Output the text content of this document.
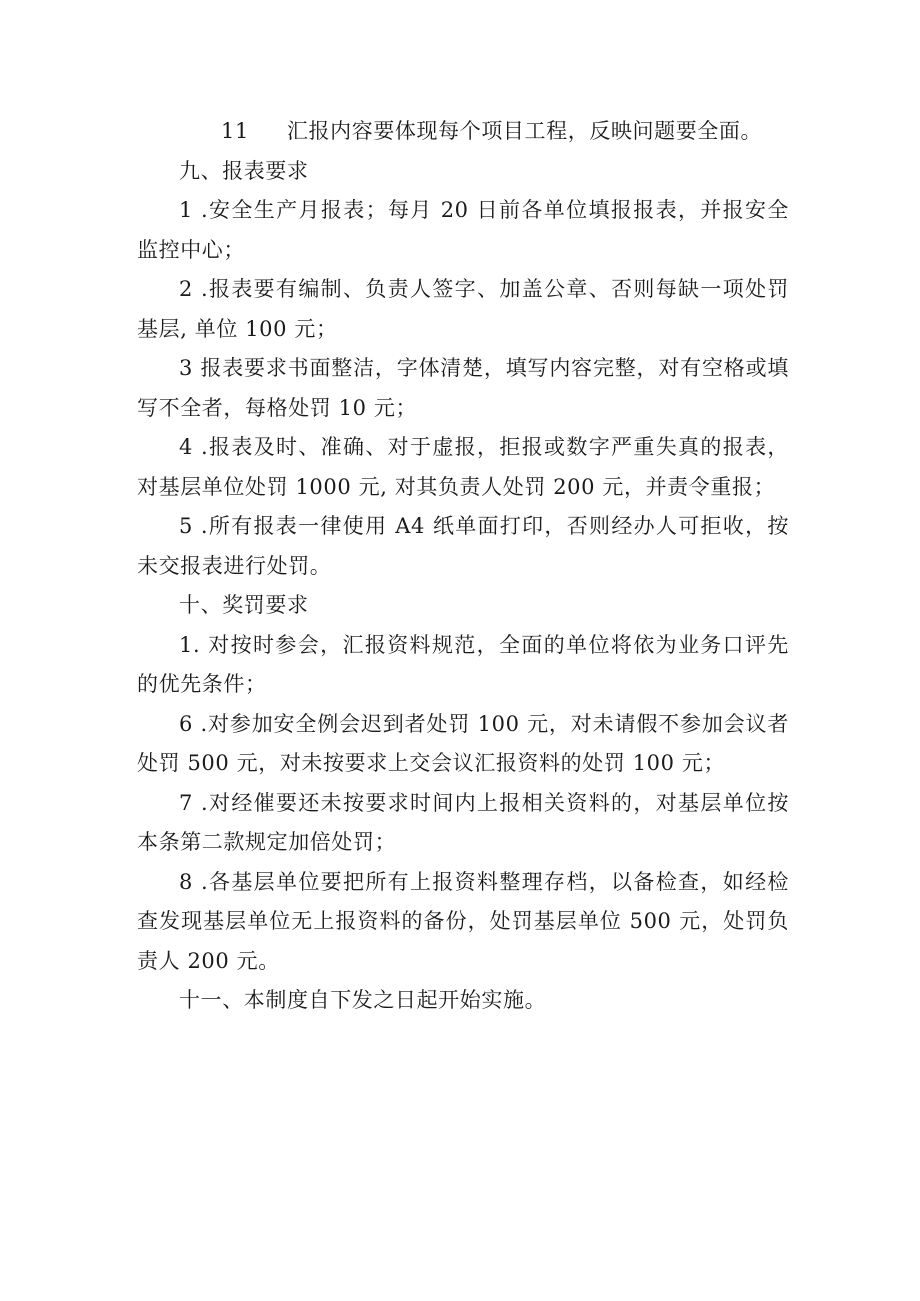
11 汇报内容要体现每个项目工程，反映问题要全面。

九、报表要求

1 .安全生产月报表；每月 20 日前各单位填报报表，并报安全监控中心；

2 .报表要有编制、负责人签字、加盖公章、否则每缺一项处罚基层, 单位 100 元；

3 报表要求书面整洁，字体清楚，填写内容完整，对有空格或填写不全者，每格处罚 10 元；

4 .报表及时、准确、对于虚报，拒报或数字严重失真的报表，对基层单位处罚 1000 元, 对其负责人处罚 200 元，并责令重报；

5 .所有报表一律使用 A4 纸单面打印，否则经办人可拒收，按未交报表进行处罚。

十、奖罚要求

1. 对按时参会，汇报资料规范，全面的单位将依为业务口评先的优先条件；

6 .对参加安全例会迟到者处罚 100 元，对未请假不参加会议者处罚 500 元，对未按要求上交会议汇报资料的处罚 100 元；

7 .对经催要还未按要求时间内上报相关资料的，对基层单位按本条第二款规定加倍处罚；

8 .各基层单位要把所有上报资料整理存档，以备检查，如经检查发现基层单位无上报资料的备份，处罚基层单位 500 元，处罚负责人 200 元。

十一、本制度自下发之日起开始实施。
